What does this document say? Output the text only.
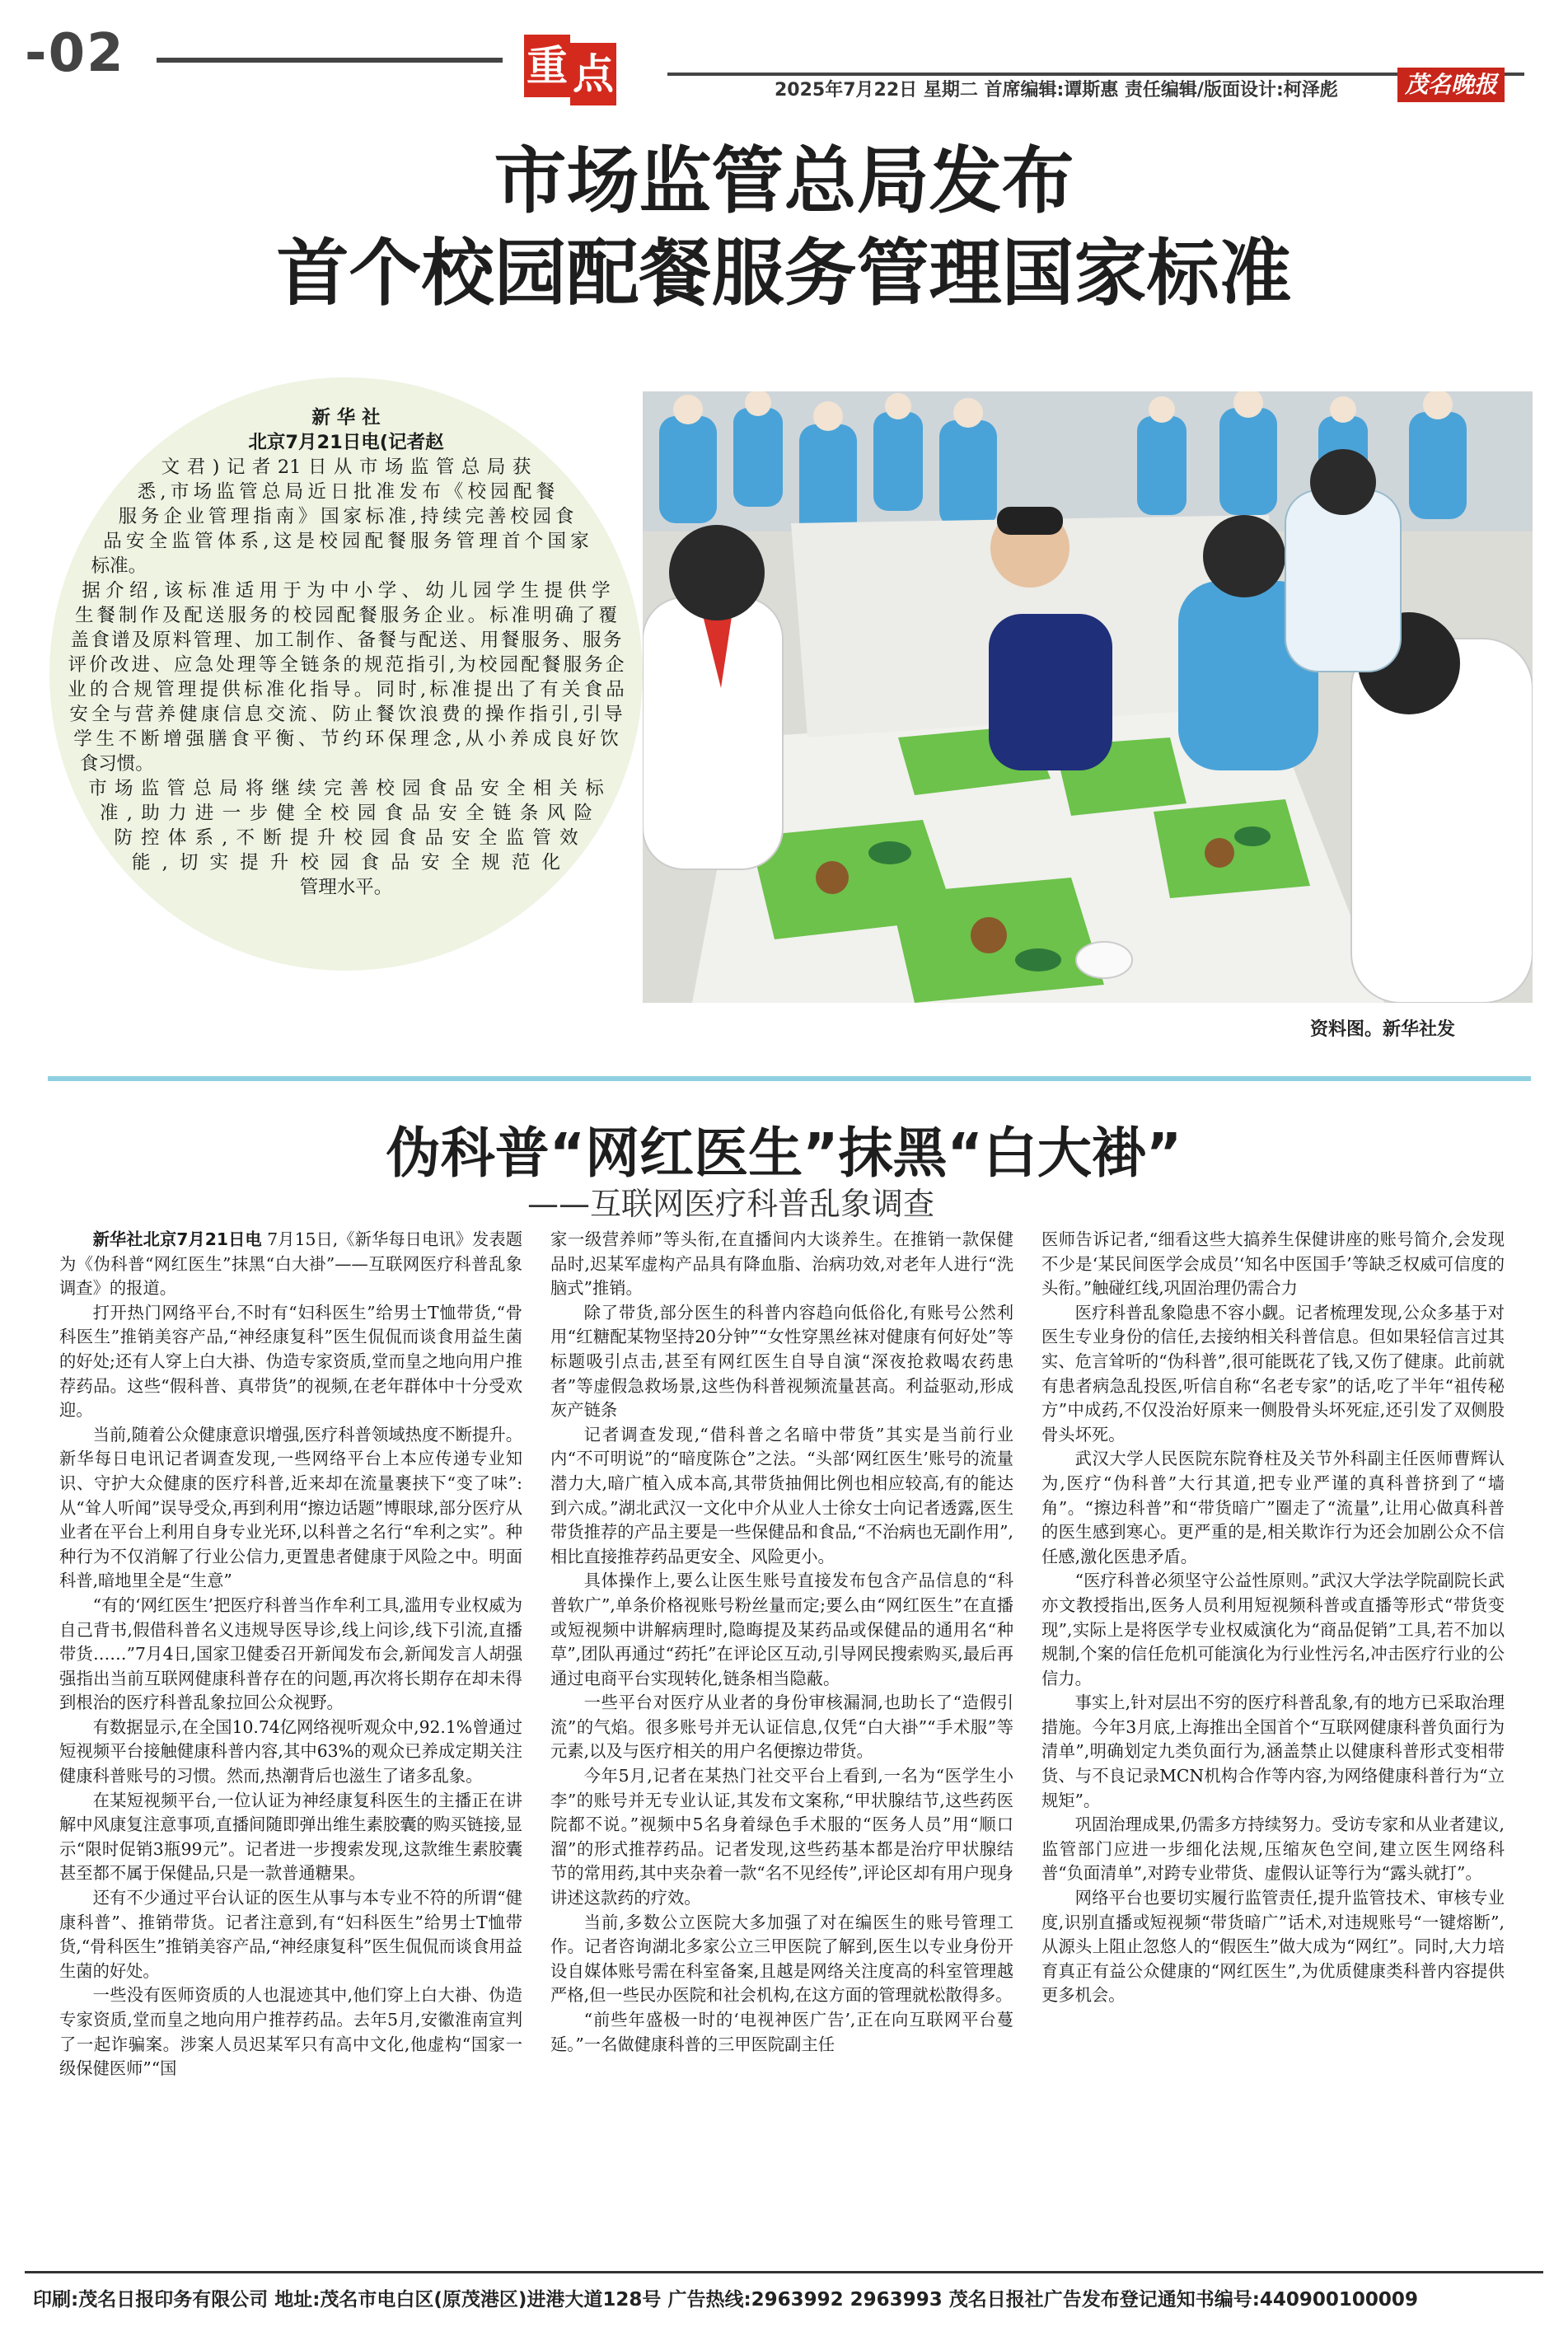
-02	重 点	2025年7月22日 星期二 首席编辑:谭斯惠 责任编辑/版面设计:柯泽彪	茂名晚报
市场监管总局发布
首个校园配餐服务管理国家标准
新 华 社
北京7月21日电(记者赵
文君)记者21日从市场监管总局获
悉,市场监管总局近日批准发布《校园配餐
服务企业管理指南》国家标准,持续完善校园食
品安全监管体系,这是校园配餐服务管理首个国家
标准。
据介绍,该标准适用于为中小学、幼儿园学生提供学
生餐制作及配送服务的校园配餐服务企业。标准明确了覆
盖食谱及原料管理、加工制作、备餐与配送、用餐服务、服务
评价改进、应急处理等全链条的规范指引,为校园配餐服务企
业的合规管理提供标准化指导。同时,标准提出了有关食品
安全与营养健康信息交流、防止餐饮浪费的操作指引,引导
学生不断增强膳食平衡、节约环保理念,从小养成良好饮
食习惯。
市场监管总局将继续完善校园食品安全相关标
准,助力进一步健全校园食品安全链条风险
防控体系,不断提升校园食品安全监管效
能,切实提升校园食品安全规范化
管理水平。
资料图。新华社发
伪科普“网红医生”抹黑“白大褂”
——互联网医疗科普乱象调查

新华社北京7月21日电 7月15日,《新华每日电讯》发表题为《伪科普“网红医生”抹黑“白大褂”——互联网医疗科普乱象调查》的报道。

打开热门网络平台,不时有“妇科医生”给男士T恤带货,“骨科医生”推销美容产品,“神经康复科”医生侃侃而谈食用益生菌的好处;还有人穿上白大褂、伪造专家资质,堂而皇之地向用户推荐药品。这些“假科普、真带货”的视频,在老年群体中十分受欢迎。

当前,随着公众健康意识增强,医疗科普领域热度不断提升。新华每日电讯记者调查发现,一些网络平台上本应传递专业知识、守护大众健康的医疗科普,近来却在流量裹挟下“变了味”:从“耸人听闻”误导受众,再到利用“擦边话题”博眼球,部分医疗从业者在平台上利用自身专业光环,以科普之名行“牟利之实”。种种行为不仅消解了行业公信力,更置患者健康于风险之中。明面科普,暗地里全是“生意”

“有的‘网红医生’把医疗科普当作牟利工具,滥用专业权威为自己背书,假借科普名义违规导医导诊,线上问诊,线下引流,直播带货……”7月4日,国家卫健委召开新闻发布会,新闻发言人胡强强指出当前互联网健康科普存在的问题,再次将长期存在却未得到根治的医疗科普乱象拉回公众视野。

有数据显示,在全国10.74亿网络视听观众中,92.1%曾通过短视频平台接触健康科普内容,其中63%的观众已养成定期关注健康科普账号的习惯。然而,热潮背后也滋生了诸多乱象。

在某短视频平台,一位认证为神经康复科医生的主播正在讲解中风康复注意事项,直播间随即弹出维生素胶囊的购买链接,显示“限时促销3瓶99元”。记者进一步搜索发现,这款维生素胶囊甚至都不属于保健品,只是一款普通糖果。

还有不少通过平台认证的医生从事与本专业不符的所谓“健康科普”、推销带货。记者注意到,有“妇科医生”给男士T恤带货,“骨科医生”推销美容产品,“神经康复科”医生侃侃而谈食用益生菌的好处。

一些没有医师资质的人也混迹其中,他们穿上白大褂、伪造专家资质,堂而皇之地向用户推荐药品。去年5月,安徽淮南宣判了一起诈骗案。涉案人员迟某军只有高中文化,他虚构“国家一级保健医师”“国

家一级营养师”等头衔,在直播间内大谈养生。在推销一款保健品时,迟某军虚构产品具有降血脂、治病功效,对老年人进行“洗脑式”推销。

除了带货,部分医生的科普内容趋向低俗化,有账号公然利用“红糖配某物坚持20分钟”“女性穿黑丝袜对健康有何好处”等标题吸引点击,甚至有网红医生自导自演“深夜抢救喝农药患者”等虚假急救场景,这些伪科普视频流量甚高。利益驱动,形成灰产链条

记者调查发现,“借科普之名暗中带货”其实是当前行业内“不可明说”的“暗度陈仓”之法。“头部‘网红医生’账号的流量潜力大,暗广植入成本高,其带货抽佣比例也相应较高,有的能达到六成。”湖北武汉一文化中介从业人士徐女士向记者透露,医生带货推荐的产品主要是一些保健品和食品,“不治病也无副作用”,相比直接推荐药品更安全、风险更小。

具体操作上,要么让医生账号直接发布包含产品信息的“科普软广”,单条价格视账号粉丝量而定;要么由“网红医生”在直播或短视频中讲解病理时,隐晦提及某药品或保健品的通用名“种草”,团队再通过“药托”在评论区互动,引导网民搜索购买,最后再通过电商平台实现转化,链条相当隐蔽。

一些平台对医疗从业者的身份审核漏洞,也助长了“造假引流”的气焰。很多账号并无认证信息,仅凭“白大褂”“手术服”等元素,以及与医疗相关的用户名便擦边带货。

今年5月,记者在某热门社交平台上看到,一名为“医学生小李”的账号并无专业认证,其发布文案称,“甲状腺结节,这些药医院都不说。”视频中5名身着绿色手术服的“医务人员”用“顺口溜”的形式推荐药品。记者发现,这些药基本都是治疗甲状腺结节的常用药,其中夹杂着一款“名不见经传”,评论区却有用户现身讲述这款药的疗效。

当前,多数公立医院大多加强了对在编医生的账号管理工作。记者咨询湖北多家公立三甲医院了解到,医生以专业身份开设自媒体账号需在科室备案,且越是网络关注度高的科室管理越严格,但一些民办医院和社会机构,在这方面的管理就松散得多。

“前些年盛极一时的‘电视神医广告’,正在向互联网平台蔓延。”一名做健康科普的三甲医院副主任

医师告诉记者,“细看这些大搞养生保健讲座的账号简介,会发现不少是‘某民间医学会成员’‘知名中医国手’等缺乏权威可信度的头衔。”触碰红线,巩固治理仍需合力

医疗科普乱象隐患不容小觑。记者梳理发现,公众多基于对医生专业身份的信任,去接纳相关科普信息。但如果轻信言过其实、危言耸听的“伪科普”,很可能既花了钱,又伤了健康。此前就有患者病急乱投医,听信自称“名老专家”的话,吃了半年“祖传秘方”中成药,不仅没治好原来一侧股骨头坏死症,还引发了双侧股骨头坏死。

武汉大学人民医院东院脊柱及关节外科副主任医师曹辉认为,医疗“伪科普”大行其道,把专业严谨的真科普挤到了“墙角”。“擦边科普”和“带货暗广”圈走了“流量”,让用心做真科普的医生感到寒心。更严重的是,相关欺诈行为还会加剧公众不信任感,激化医患矛盾。

“医疗科普必须坚守公益性原则。”武汉大学法学院副院长武亦文教授指出,医务人员利用短视频科普或直播等形式“带货变现”,实际上是将医学专业权威演化为“商品促销”工具,若不加以规制,个案的信任危机可能演化为行业性污名,冲击医疗行业的公信力。

事实上,针对层出不穷的医疗科普乱象,有的地方已采取治理措施。今年3月底,上海推出全国首个“互联网健康科普负面行为清单”,明确划定九类负面行为,涵盖禁止以健康科普形式变相带货、与不良记录MCN机构合作等内容,为网络健康科普行为“立规矩”。

巩固治理成果,仍需多方持续努力。受访专家和从业者建议,监管部门应进一步细化法规,压缩灰色空间,建立医生网络科普“负面清单”,对跨专业带货、虚假认证等行为“露头就打”。

网络平台也要切实履行监管责任,提升监管技术、审核专业度,识别直播或短视频“带货暗广”话术,对违规账号“一键熔断”,从源头上阻止忽悠人的“假医生”做大成为“网红”。同时,大力培育真正有益公众健康的“网红医生”,为优质健康类科普内容提供更多机会。

印刷:茂名日报印务有限公司 地址:茂名市电白区(原茂港区)进港大道128号 广告热线:2963992 2963993 茂名日报社广告发布登记通知书编号:440900100009
